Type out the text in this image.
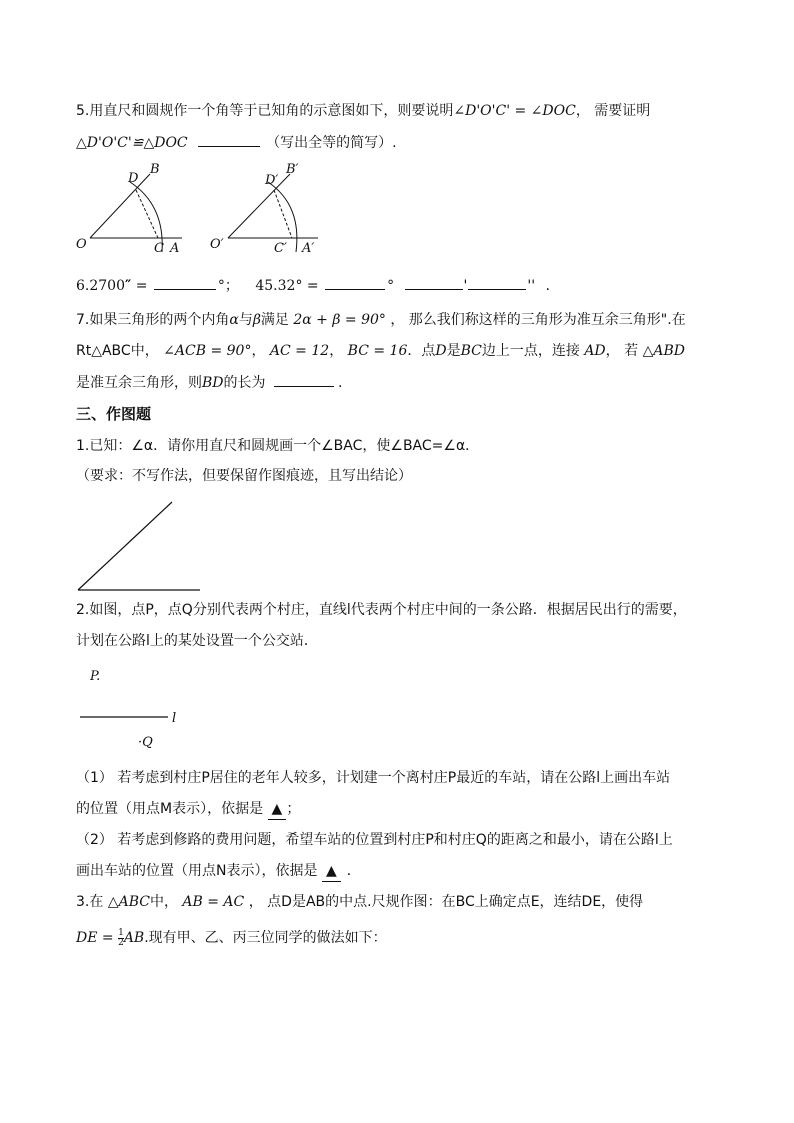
5.用直尺和圆规作一个角等于已知角的示意图如下，则要说明∠D'O'C' = ∠DOC， 需要证明
△D'O'C'≌△DOC	（写出全等的简写）.
D
B
O	C A
D′
B′
O′	C′ A′
6.2700″ =	°； 45.32° =	°	'	'' .
7.如果三角形的两个内角α与β满足 2α + β = 90° ， 那么我们称这样的三角形为准互余三角形".在
Rt△ABC中， ∠ACB = 90°， AC = 12， BC = 16．点D是BC边上一点，连接 AD， 若 △ABD
是准互余三角形，则BD的长为	.
三、作图题
1.已知：∠α．请你用直尺和圆规画一个∠BAC，使∠BAC=∠α．
（要求：不写作法，但要保留作图痕迹，且写出结论）
2.如图，点P，点Q分别代表两个村庄，直线l代表两个村庄中间的一条公路．根据居民出行的需要，
计划在公路l上的某处设置一个公交站．
P.
·Q
l
（1） 若考虑到村庄P居住的老年人较多，计划建一个离村庄P最近的车站，请在公路l上画出车站
的位置（用点M表示），依据是 ▲ ；
（2） 若考虑到修路的费用问题，希望车站的位置到村庄P和村庄Q的距离之和最小，请在公路l上
画出车站的位置（用点N表示），依据是 ▲ ．
3.在 △ABC中， AB = AC ， 点D是AB的中点.尺规作图：在BC上确定点E，连结DE，使得
DE = $\frac{1}{2}$ AB.现有甲、乙、丙三位同学的做法如下：
